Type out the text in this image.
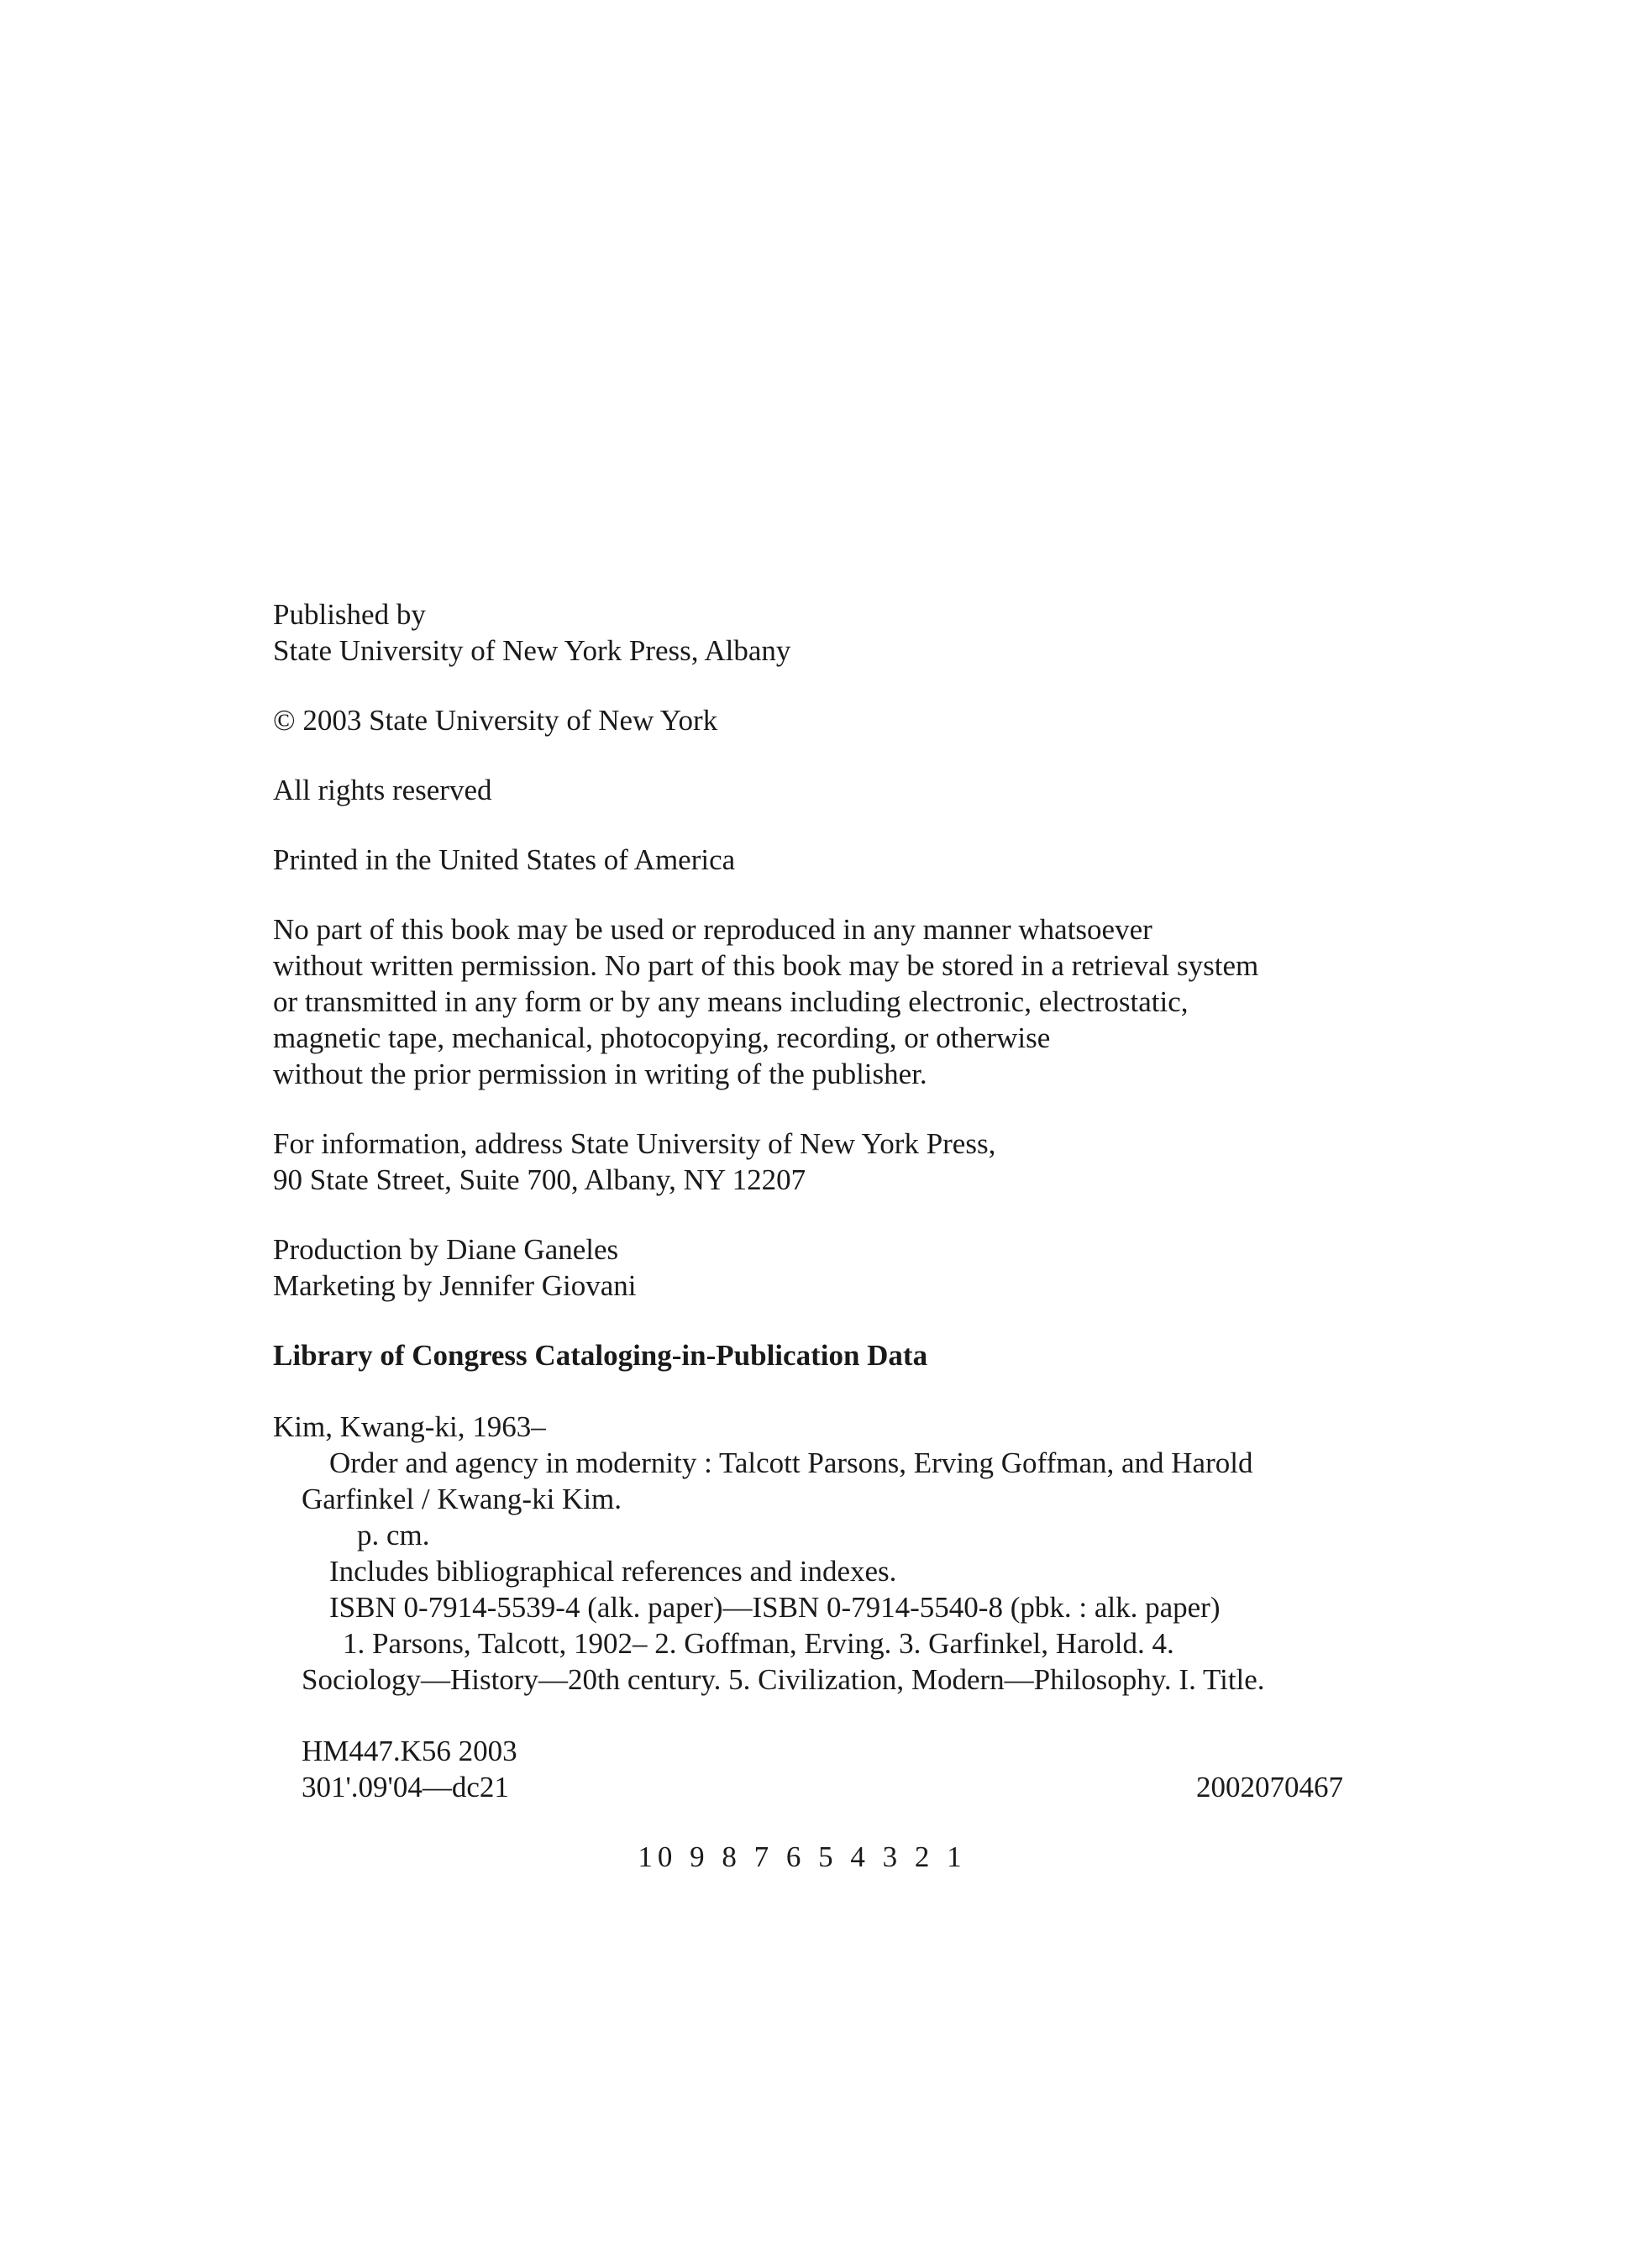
Published by
State University of New York Press, Albany
© 2003 State University of New York
All rights reserved
Printed in the United States of America
No part of this book may be used or reproduced in any manner whatsoever
without written permission. No part of this book may be stored in a retrieval system
or transmitted in any form or by any means including electronic, electrostatic,
magnetic tape, mechanical, photocopying, recording, or otherwise
without the prior permission in writing of the publisher.
For information, address State University of New York Press,
90 State Street, Suite 700, Albany, NY 12207
Production by Diane Ganeles
Marketing by Jennifer Giovani
Library of Congress Cataloging-in-Publication Data
Kim, Kwang-ki, 1963–
Order and agency in modernity : Talcott Parsons, Erving Goffman, and Harold
Garfinkel / Kwang-ki Kim.
p. cm.
Includes bibliographical references and indexes.
ISBN 0-7914-5539-4 (alk. paper)—ISBN 0-7914-5540-8 (pbk. : alk. paper)
1. Parsons, Talcott, 1902– 2. Goffman, Erving. 3. Garfinkel, Harold. 4.
Sociology—History—20th century. 5. Civilization, Modern—Philosophy. I. Title.
HM447.K56 2003
301'.09'04—dc21	2002070467
10 9 8 7 6 5 4 3 2 1
